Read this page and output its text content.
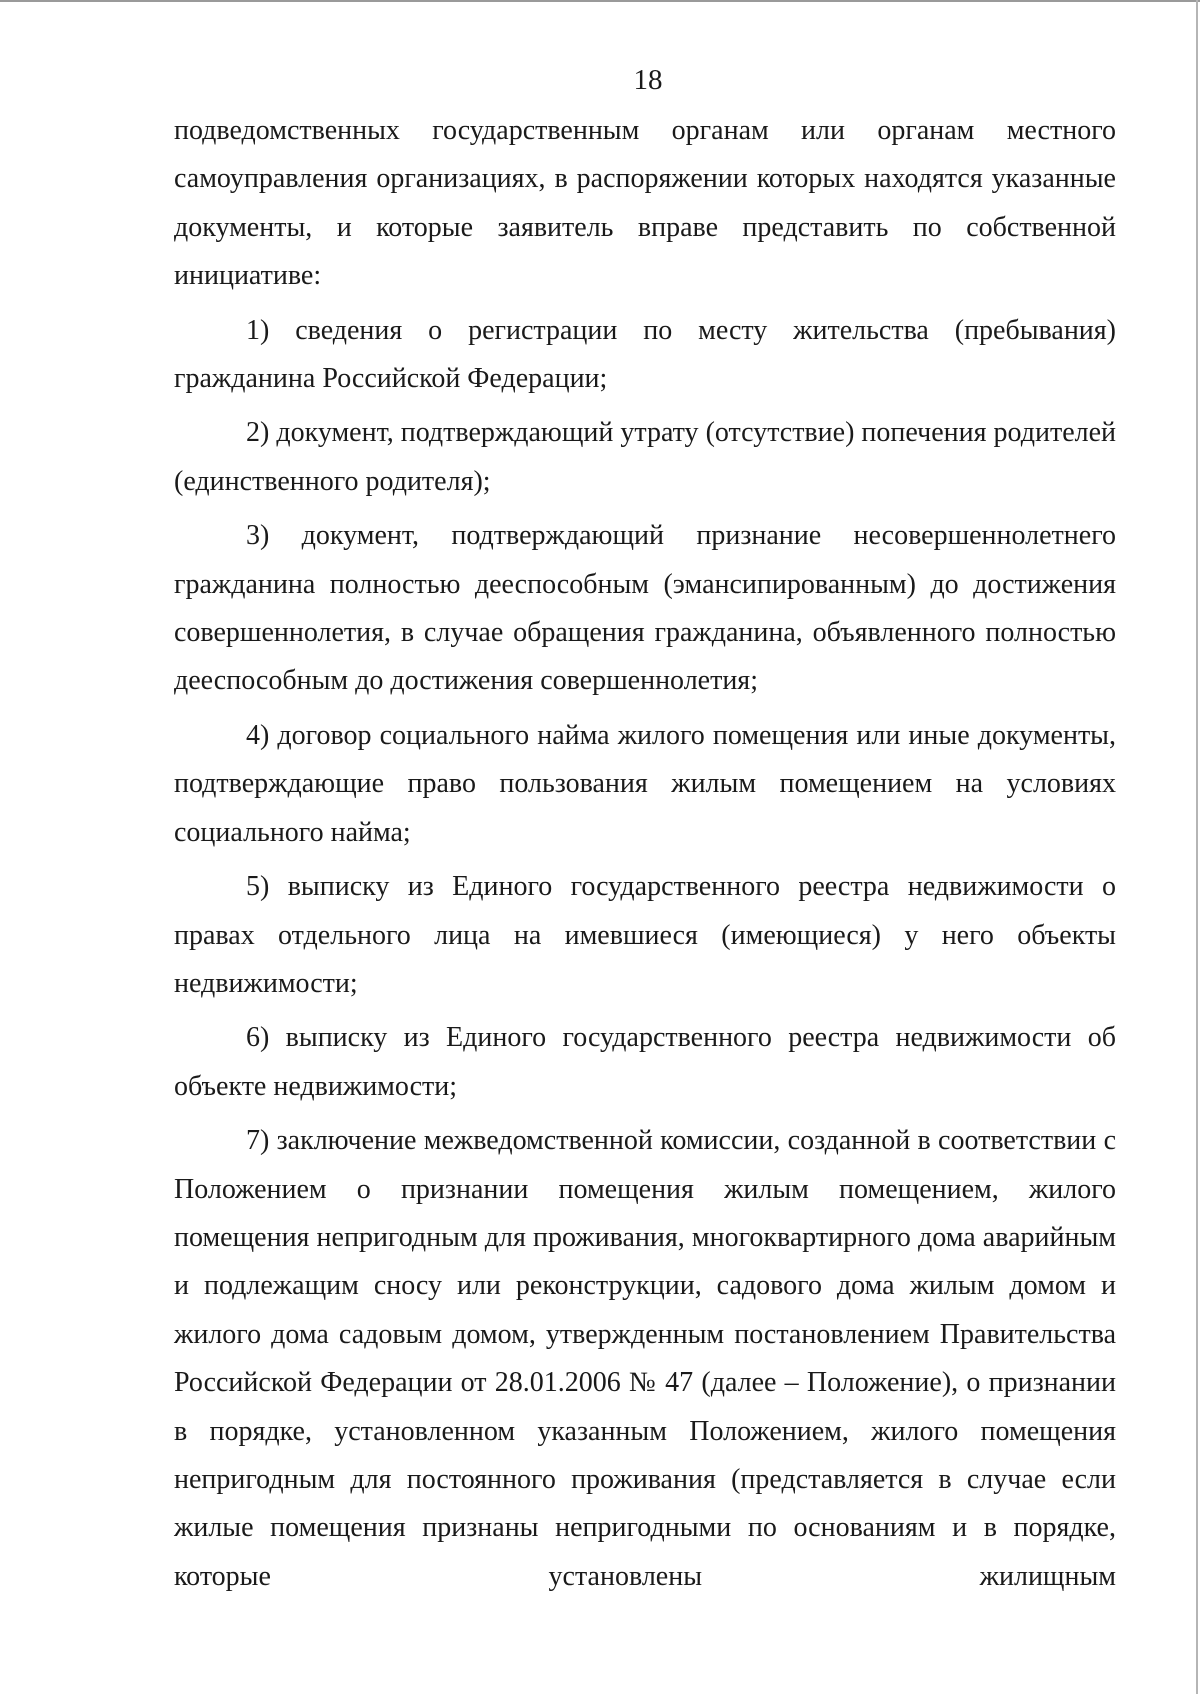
18

подведомственных государственным органам или органам местного самоуправления организациях, в распоряжении которых находятся указанные документы, и которые заявитель вправе представить по собственной инициативе:

1) сведения о регистрации по месту жительства (пребывания) гражданина Российской Федерации;

2) документ, подтверждающий утрату (отсутствие) попечения родителей (единственного родителя);

3) документ, подтверждающий признание несовершеннолетнего гражданина полностью дееспособным (эмансипированным) до достижения совершеннолетия, в случае обращения гражданина, объявленного полностью дееспособным до достижения совершеннолетия;

4) договор социального найма жилого помещения или иные документы, подтверждающие право пользования жилым помещением на условиях социального найма;

5) выписку из Единого государственного реестра недвижимости о правах отдельного лица на имевшиеся (имеющиеся) у него объекты недвижимости;

6) выписку из Единого государственного реестра недвижимости об объекте недвижимости;

7) заключение межведомственной комиссии, созданной в соответствии с Положением о признании помещения жилым помещением, жилого помещения непригодным для проживания, многоквартирного дома аварийным и подлежащим сносу или реконструкции, садового дома жилым домом и жилого дома садовым домом, утвержденным постановлением Правительства Российской Федерации от 28.01.2006 № 47 (далее – Положение), о признании в порядке, установленном указанным Положением, жилого помещения непригодным для постоянного проживания (представляется в случае если жилые помещения признаны непригодными по основаниям и в порядке, которые установлены жилищным
